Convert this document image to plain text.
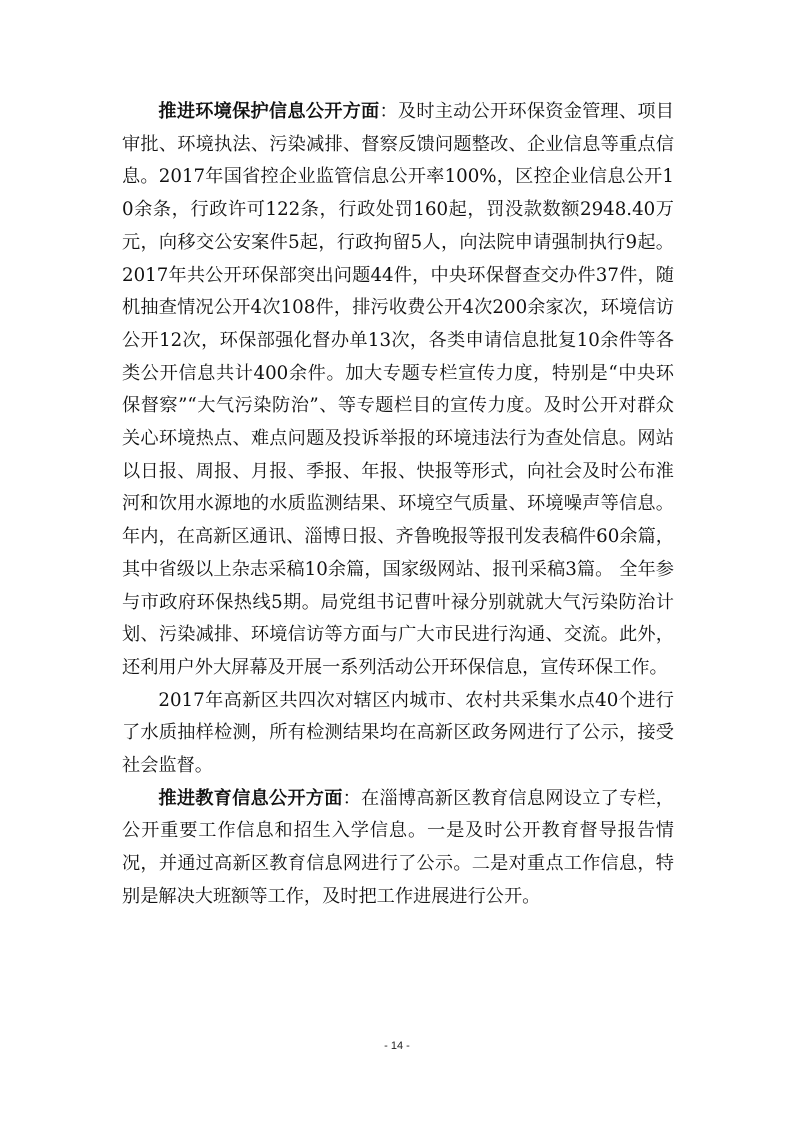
推进环境保护信息公开方面：及时主动公开环保资金管理、项目审批、环境执法、污染减排、督察反馈问题整改、企业信息等重点信息。2017年国省控企业监管信息公开率100%，区控企业信息公开10余条，行政许可122条，行政处罚160起，罚没款数额2948.40万元，向移交公安案件5起，行政拘留5人，向法院申请强制执行9起。2017年共公开环保部突出问题44件，中央环保督查交办件37件，随机抽查情况公开4次108件，排污收费公开4次200余家次，环境信访公开12次，环保部强化督办单13次，各类申请信息批复10余件等各类公开信息共计400余件。加大专题专栏宣传力度，特别是“中央环保督察”“大气污染防治”、等专题栏目的宣传力度。及时公开对群众关心环境热点、难点问题及投诉举报的环境违法行为查处信息。网站以日报、周报、月报、季报、年报、快报等形式，向社会及时公布淮河和饮用水源地的水质监测结果、环境空气质量、环境噪声等信息。年内，在高新区通讯、淄博日报、齐鲁晚报等报刊发表稿件60余篇，其中省级以上杂志采稿10余篇，国家级网站、报刊采稿3篇。 全年参与市政府环保热线5期。局党组书记曹叶禄分别就就大气污染防治计划、污染减排、环境信访等方面与广大市民进行沟通、交流。此外，还利用户外大屏幕及开展一系列活动公开环保信息，宣传环保工作。

2017年高新区共四次对辖区内城市、农村共采集水点40个进行了水质抽样检测，所有检测结果均在高新区政务网进行了公示，接受社会监督。

推进教育信息公开方面：在淄博高新区教育信息网设立了专栏，公开重要工作信息和招生入学信息。一是及时公开教育督导报告情况，并通过高新区教育信息网进行了公示。二是对重点工作信息，特别是解决大班额等工作，及时把工作进展进行公开。

- 14 -
